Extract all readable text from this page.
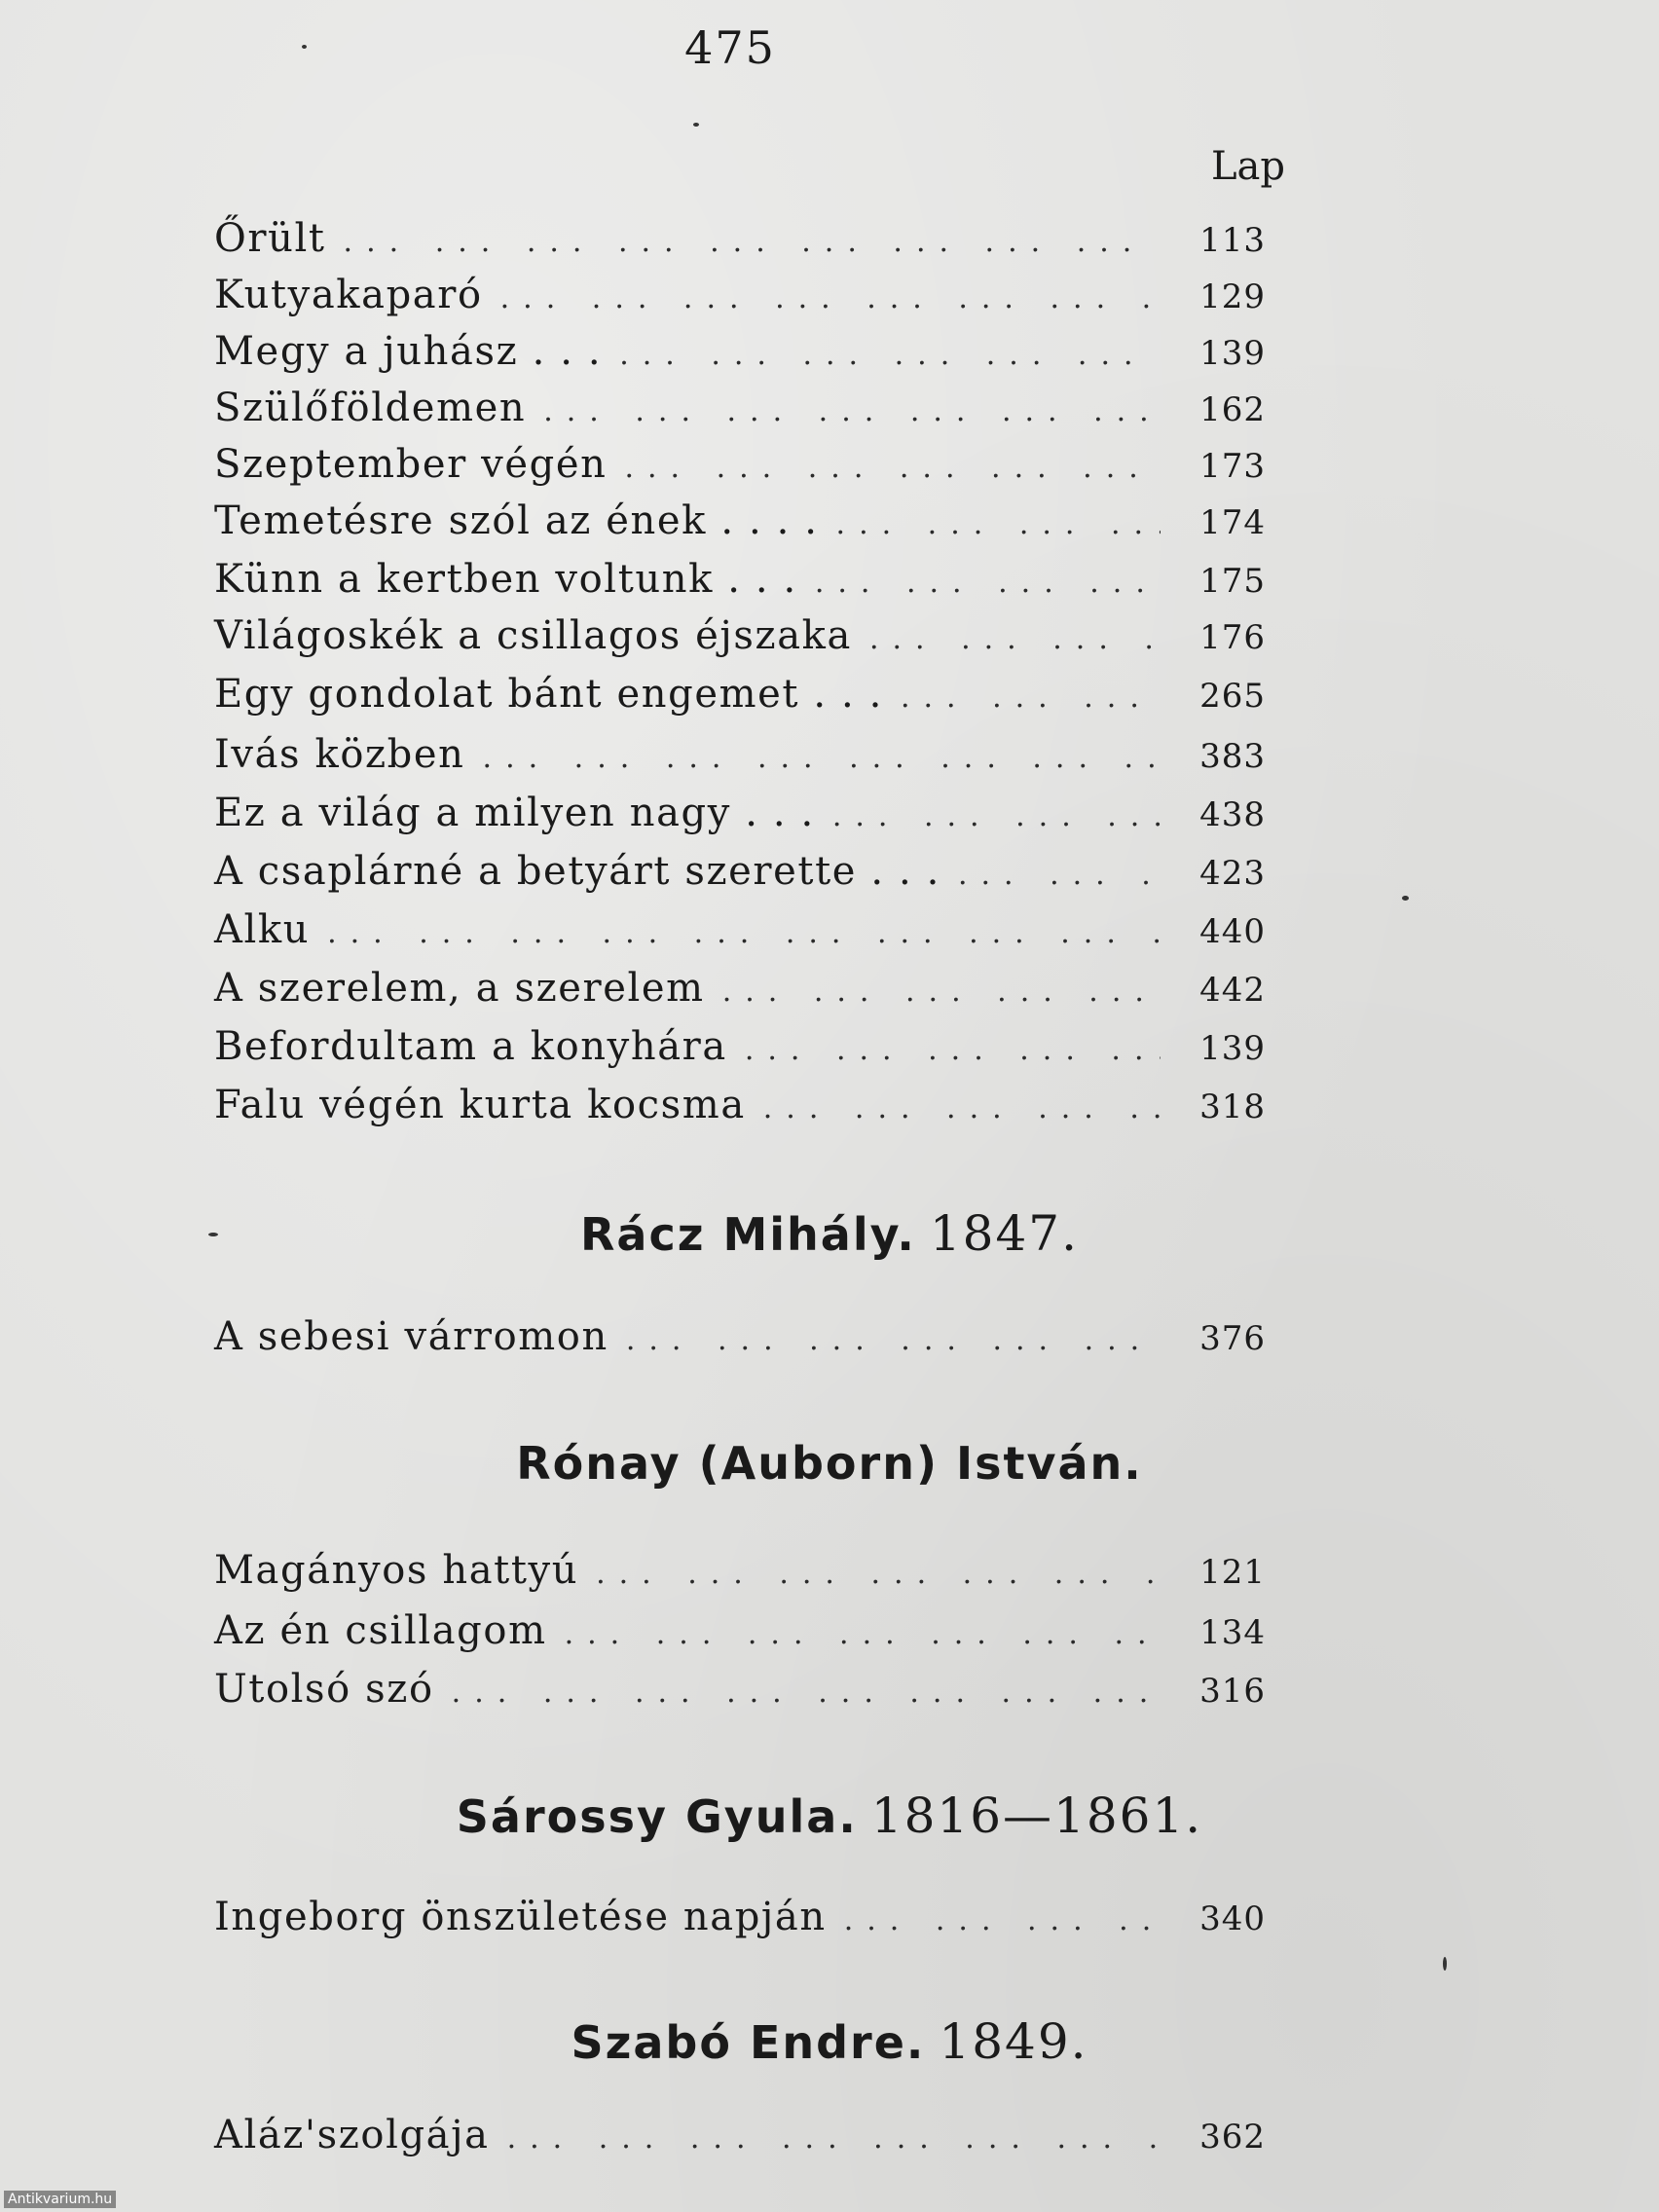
475
Lap
Őrült ... .	113
Kutyakaparó ... .	129
Megy a juhász . . . ... .	139
Szülőföldemen ... .	162
Szeptember végén ... .	173
Temetésre szól az ének . . . . ... .	174
Künn a kertben voltunk . . . ... .	175
Világoskék a csillagos éjszaka ... .	176
Egy gondolat bánt engemet . . . ... .	265
Ivás közben ... .	383
Ez a világ a milyen nagy . . . ... .	438
A csaplárné a betyárt szerette . . . ... .	423
Alku ... .	440
A szerelem, a szerelem ... .	442
Befordultam a konyhára ... .	139
Falu végén kurta kocsma ... .	318
Rácz Mihály. 1847.
A sebesi várromon ... .	376
Rónay (Auborn) István.
Magányos hattyú ... .	121
Az én csillagom ... .	134
Utolsó szó ... .	316
Sárossy Gyula. 1816—1861.
Ingeborg önszületése napján ... .	340
Szabó Endre. 1849.
Aláz'szolgája ... .	362
Antikvarium.hu
